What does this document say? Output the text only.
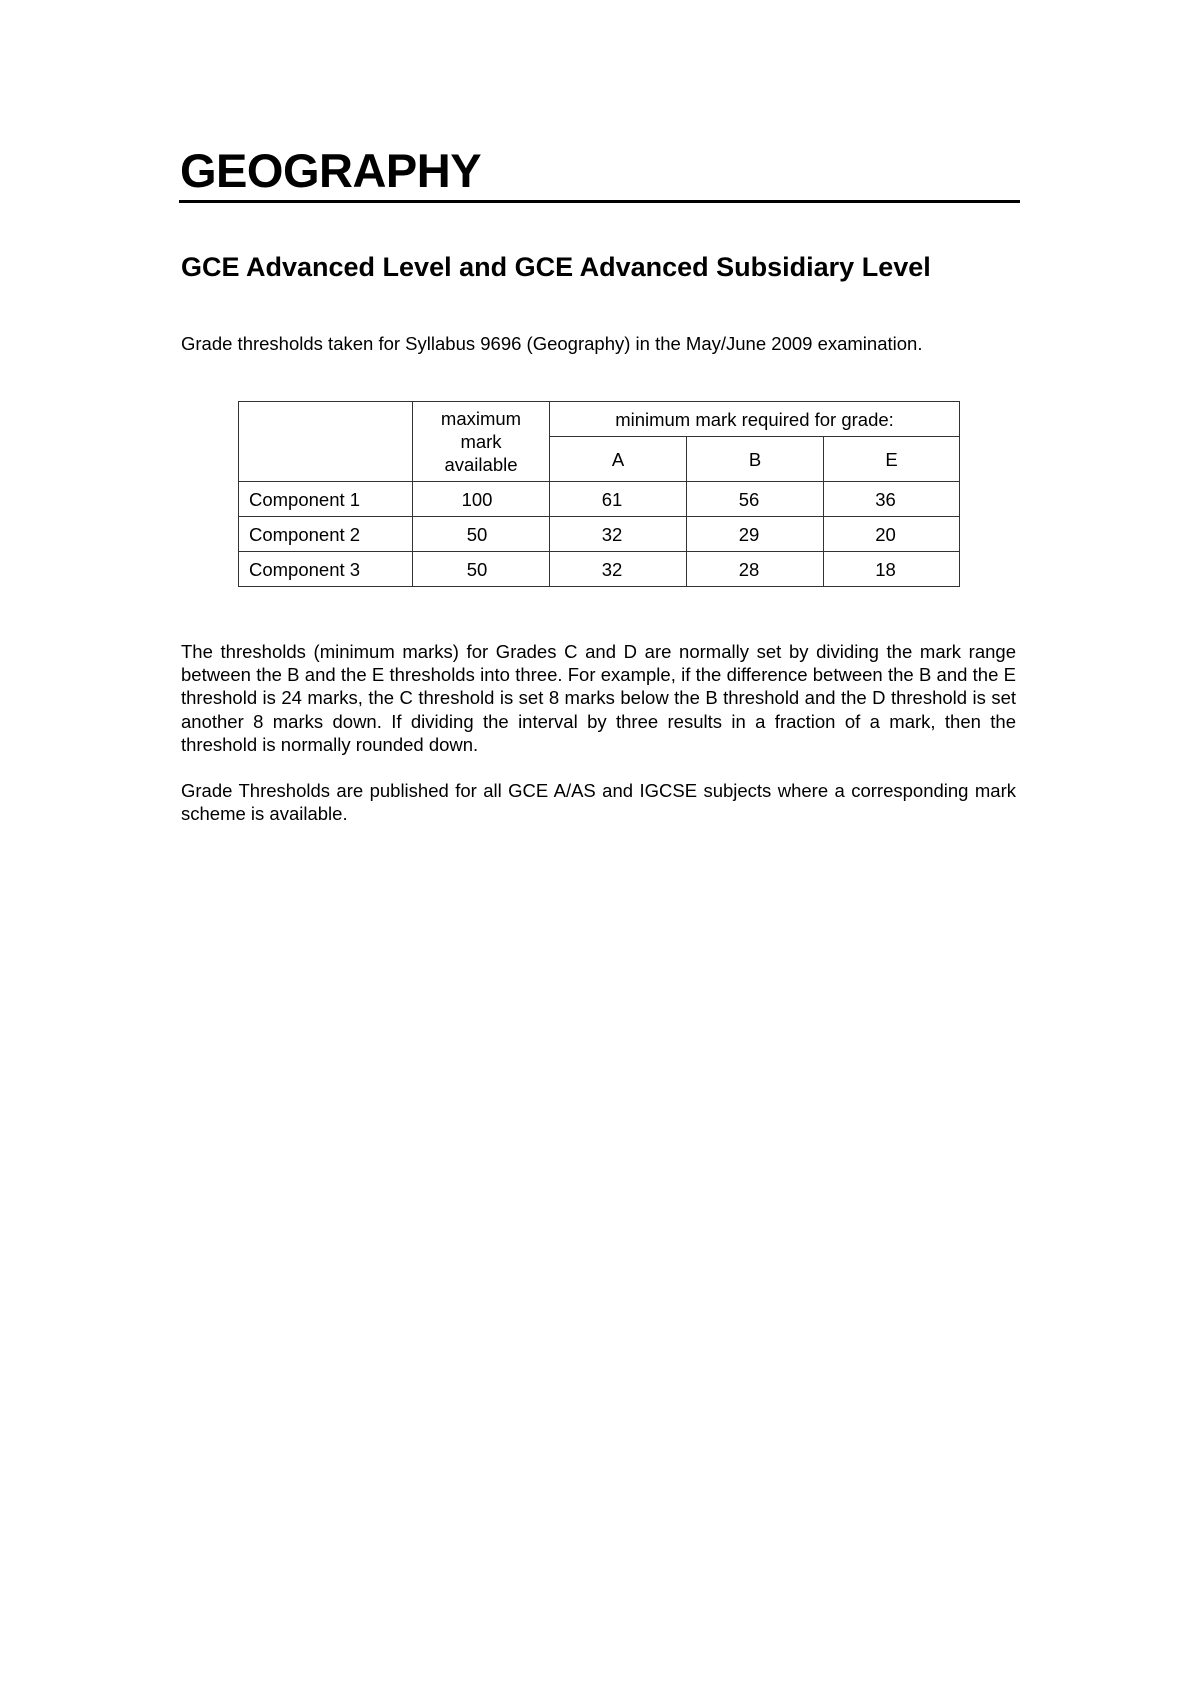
GEOGRAPHY
GCE Advanced Level and GCE Advanced Subsidiary Level

Grade thresholds taken for Syllabus 9696 (Geography) in the May/June 2009 examination.

	maximum mark available	minimum mark required for grade:		
		A	B	E
Component 1	100	61	56	36
Component 2	50	32	29	20
Component 3	50	32	28	18

The thresholds (minimum marks) for Grades C and D are normally set by dividing the mark range between the B and the E thresholds into three. For example, if the difference between the B and the E threshold is 24 marks, the C threshold is set 8 marks below the B threshold and the D threshold is set another 8 marks down. If dividing the interval by three results in a fraction of a mark, then the threshold is normally rounded down.

Grade Thresholds are published for all GCE A/AS and IGCSE subjects where a corresponding mark scheme is available.
